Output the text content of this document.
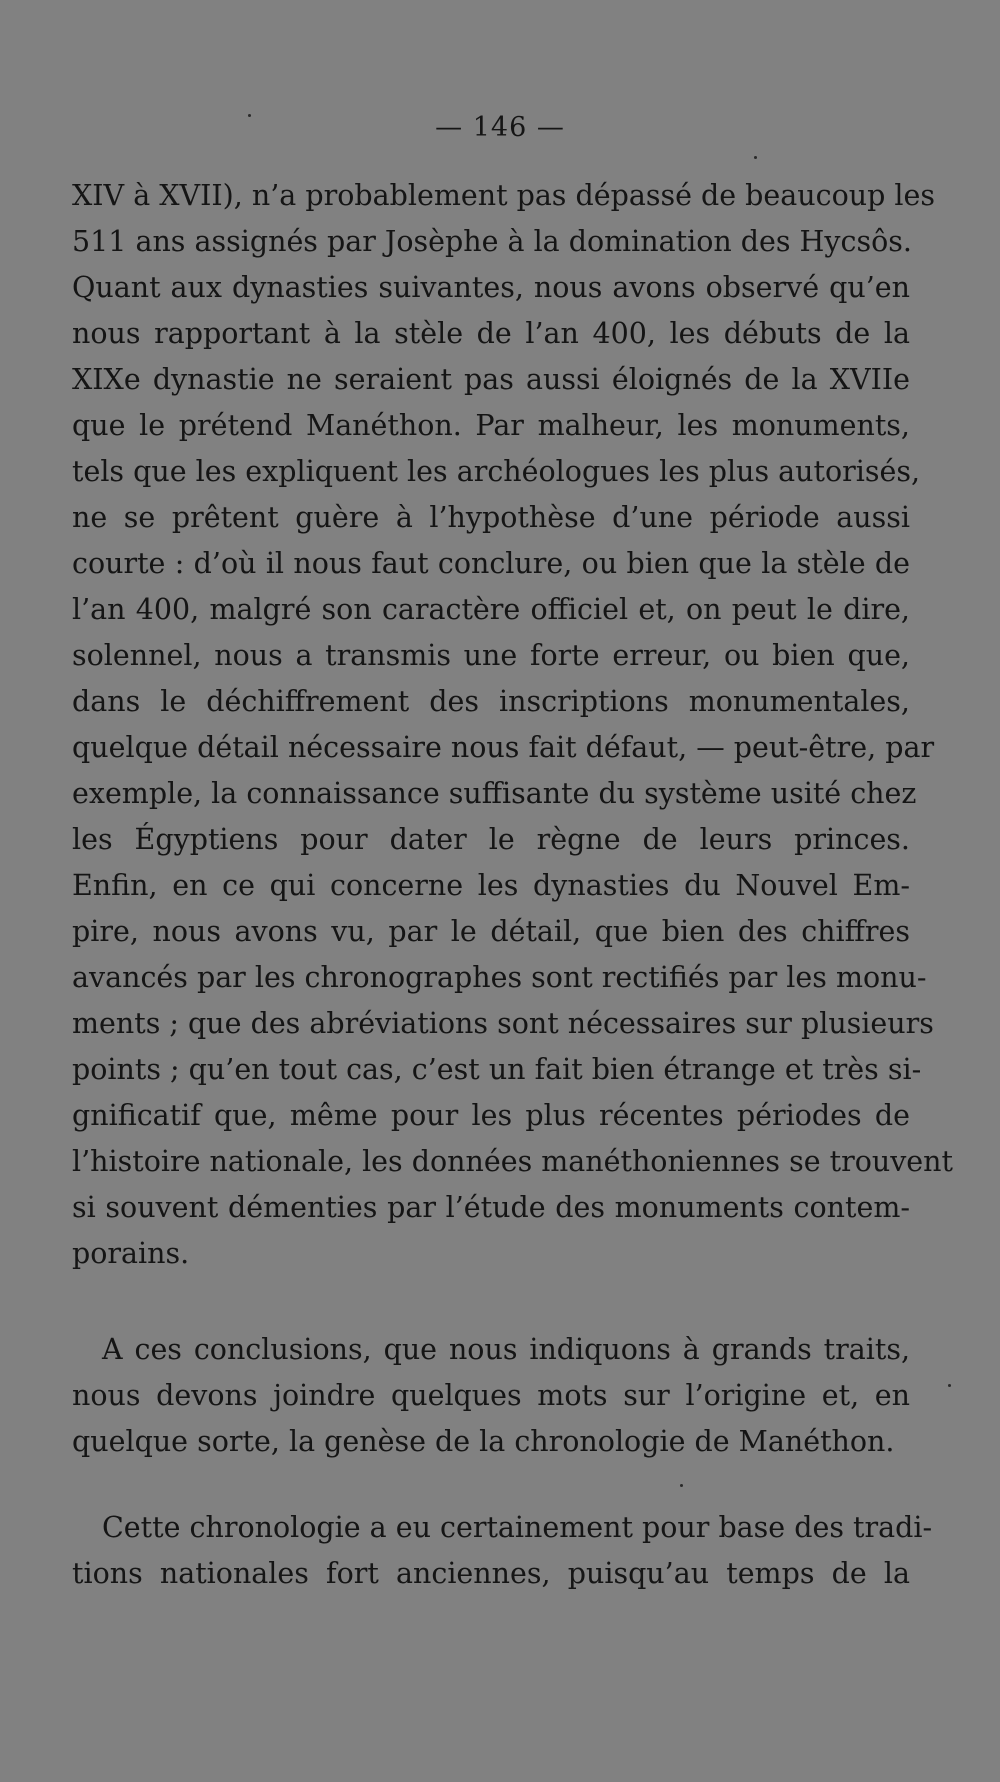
— 146 —
XIV à XVII), n’a probablement pas dépassé de beaucoup les
511 ans assignés par Josèphe à la domination des Hycsôs.
Quant aux dynasties suivantes, nous avons observé qu’en
nous rapportant à la stèle de l’an 400, les débuts de la
XIXe dynastie ne seraient pas aussi éloignés de la XVIIe
que le prétend Manéthon. Par malheur, les monuments,
tels que les expliquent les archéologues les plus autorisés,
ne se prêtent guère à l’hypothèse d’une période aussi
courte : d’où il nous faut conclure, ou bien que la stèle de
l’an 400, malgré son caractère officiel et, on peut le dire,
solennel, nous a transmis une forte erreur, ou bien que,
dans le déchiffrement des inscriptions monumentales,
quelque détail nécessaire nous fait défaut, — peut-être, par
exemple, la connaissance suffisante du système usité chez
les Égyptiens pour dater le règne de leurs princes.
Enfin, en ce qui concerne les dynasties du Nouvel Em-
pire, nous avons vu, par le détail, que bien des chiffres
avancés par les chronographes sont rectifiés par les monu-
ments ; que des abréviations sont nécessaires sur plusieurs
points ; qu’en tout cas, c’est un fait bien étrange et très si-
gnificatif que, même pour les plus récentes périodes de
l’histoire nationale, les données manéthoniennes se trouvent
si souvent démenties par l’étude des monuments contem-
porains.
A ces conclusions, que nous indiquons à grands traits,
nous devons joindre quelques mots sur l’origine et, en
quelque sorte, la genèse de la chronologie de Manéthon.
Cette chronologie a eu certainement pour base des tradi-
tions nationales fort anciennes, puisqu’au temps de la
